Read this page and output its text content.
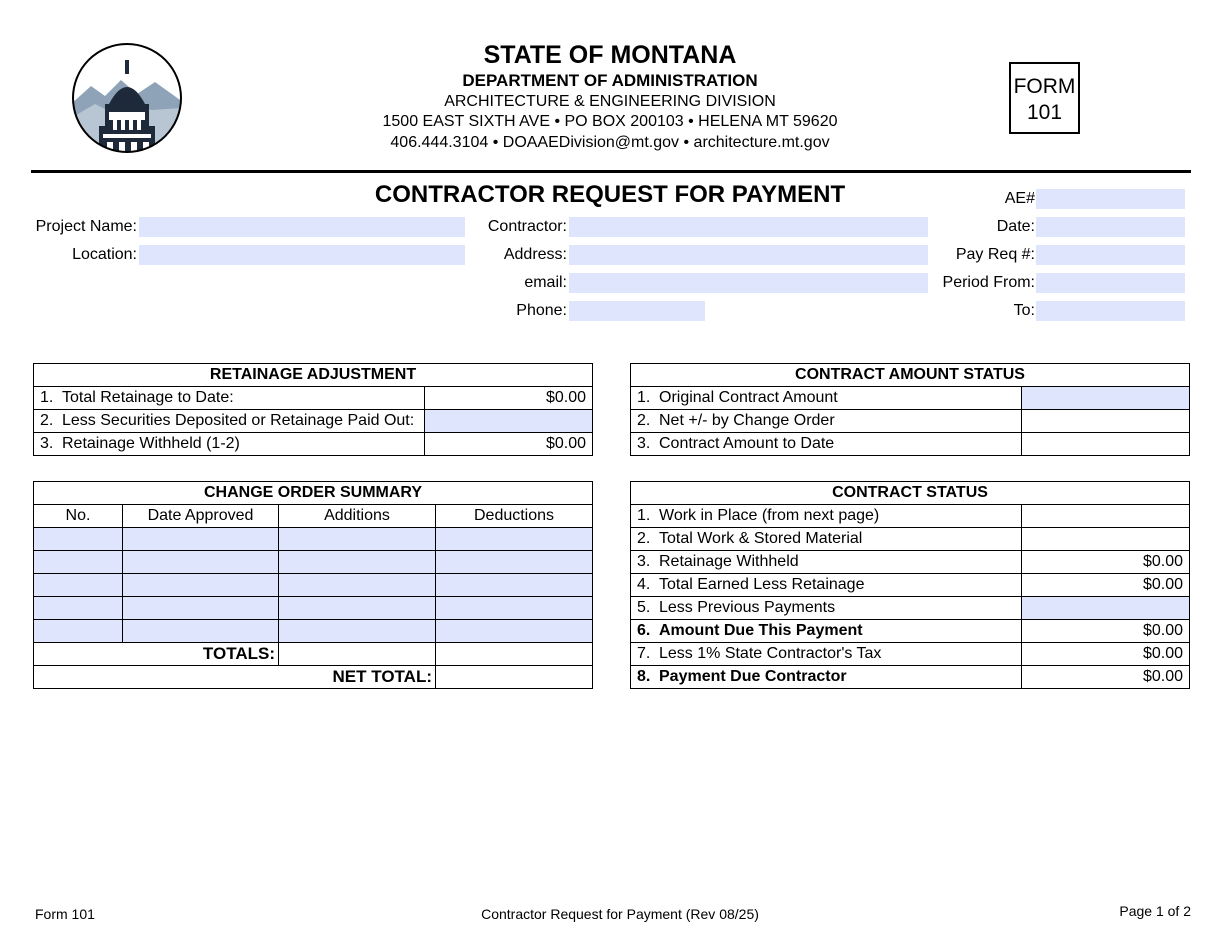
STATE OF MONTANA
DEPARTMENT OF ADMINISTRATION
ARCHITECTURE & ENGINEERING DIVISION
1500 EAST SIXTH AVE • PO BOX 200103 • HELENA MT 59620
406.444.3104 • DOAAEDivision@mt.gov • architecture.mt.gov
FORM
101
CONTRACTOR REQUEST FOR PAYMENT
Project Name:
Location:
Contractor:
Address:
email:
Phone:
AE#
Date:
Pay Req #:
Period From:
To:
RETAINAGE ADJUSTMENT	
1. Total Retainage to Date:	$0.00
2. Less Securities Deposited or Retainage Paid Out:	
3. Retainage Withheld (1-2)	$0.00
CONTRACT AMOUNT STATUS	
1. Original Contract Amount	
2. Net +/- by Change Order	
3. Contract Amount to Date	
CHANGE ORDER SUMMARY			
No.	Date Approved	Additions	Deductions

TOTALS:			
NET TOTAL:			
CONTRACT STATUS	
1. Work in Place (from next page)	
2. Total Work & Stored Material	
3. Retainage Withheld	$0.00
4. Total Earned Less Retainage	$0.00
5. Less Previous Payments	
6. Amount Due This Payment	$0.00
7. Less 1% State Contractor's Tax	$0.00
8. Payment Due Contractor	$0.00
Form 101	Contractor Request for Payment (Rev 08/25)	Page 1 of 2
